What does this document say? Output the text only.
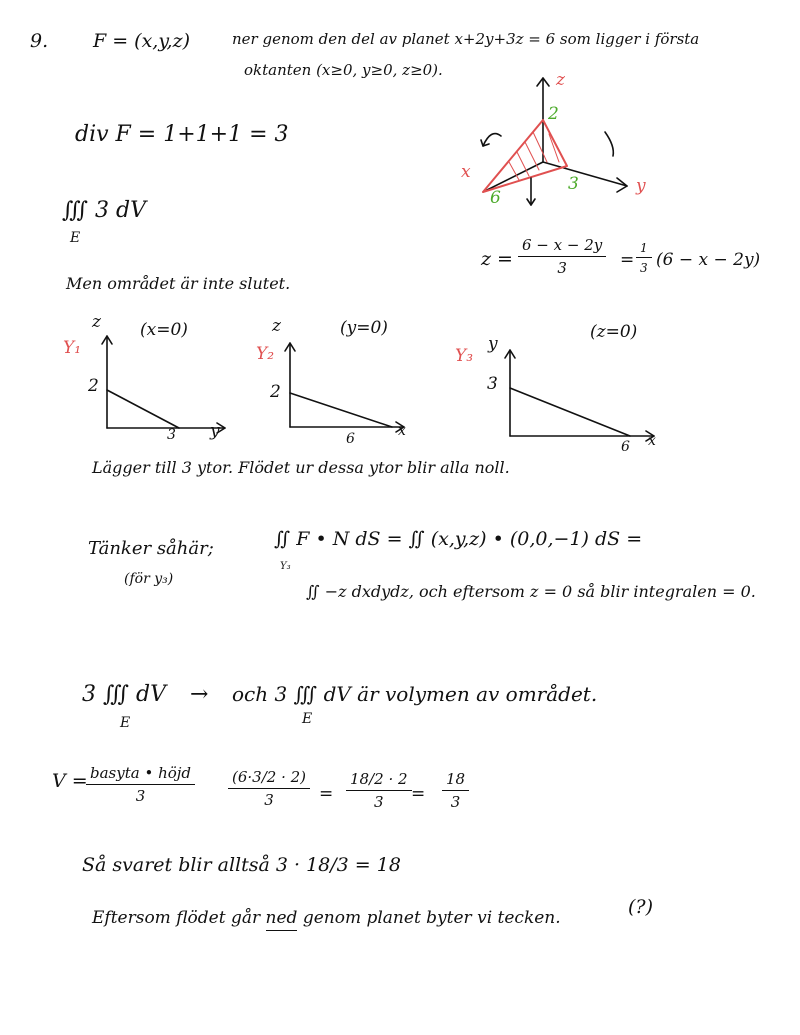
9. F = (x,y,z)	ner genom den del av planet x+2y+3z = 6 som ligger i första
oktanten (x≥0, y≥0, z≥0).
div F = 1+1+1 = 3
∭ 3 dV
E
z
y
x
2
3
6
$z = \frac{6 - x - 2y}{3} = \frac{1}{3} (6 - x - 2y)$
Men området är inte slutet.
Y₁
z (x=0)
2
3 y
Y₂
z	(y=0)
2
6	x
Y₃
y
(z=0)
3
6 x
Lägger till 3 ytor. Flödet ur dessa ytor blir alla noll.
Tänker såhär;
(för y₃)
∬ F • N dS = ∬ (x,y,z) • (0,0,−1) dS =
Y₃
∬ −z dxdydz, och eftersom z = 0 så blir integralen = 0.
3 ∭ dV → och 3 ∭ dV är volymen av området.
E	E
V = basyta • höjd
3	$\frac{(6\cdot 3/2 \cdot 2)}{3} = \frac{18/2 \cdot 2}{3} = \frac{18}{3}$
Så svaret blir alltså 3 · 18/3 = 18
Eftersom flödet går ned genom planet byter vi tecken.	(?)
